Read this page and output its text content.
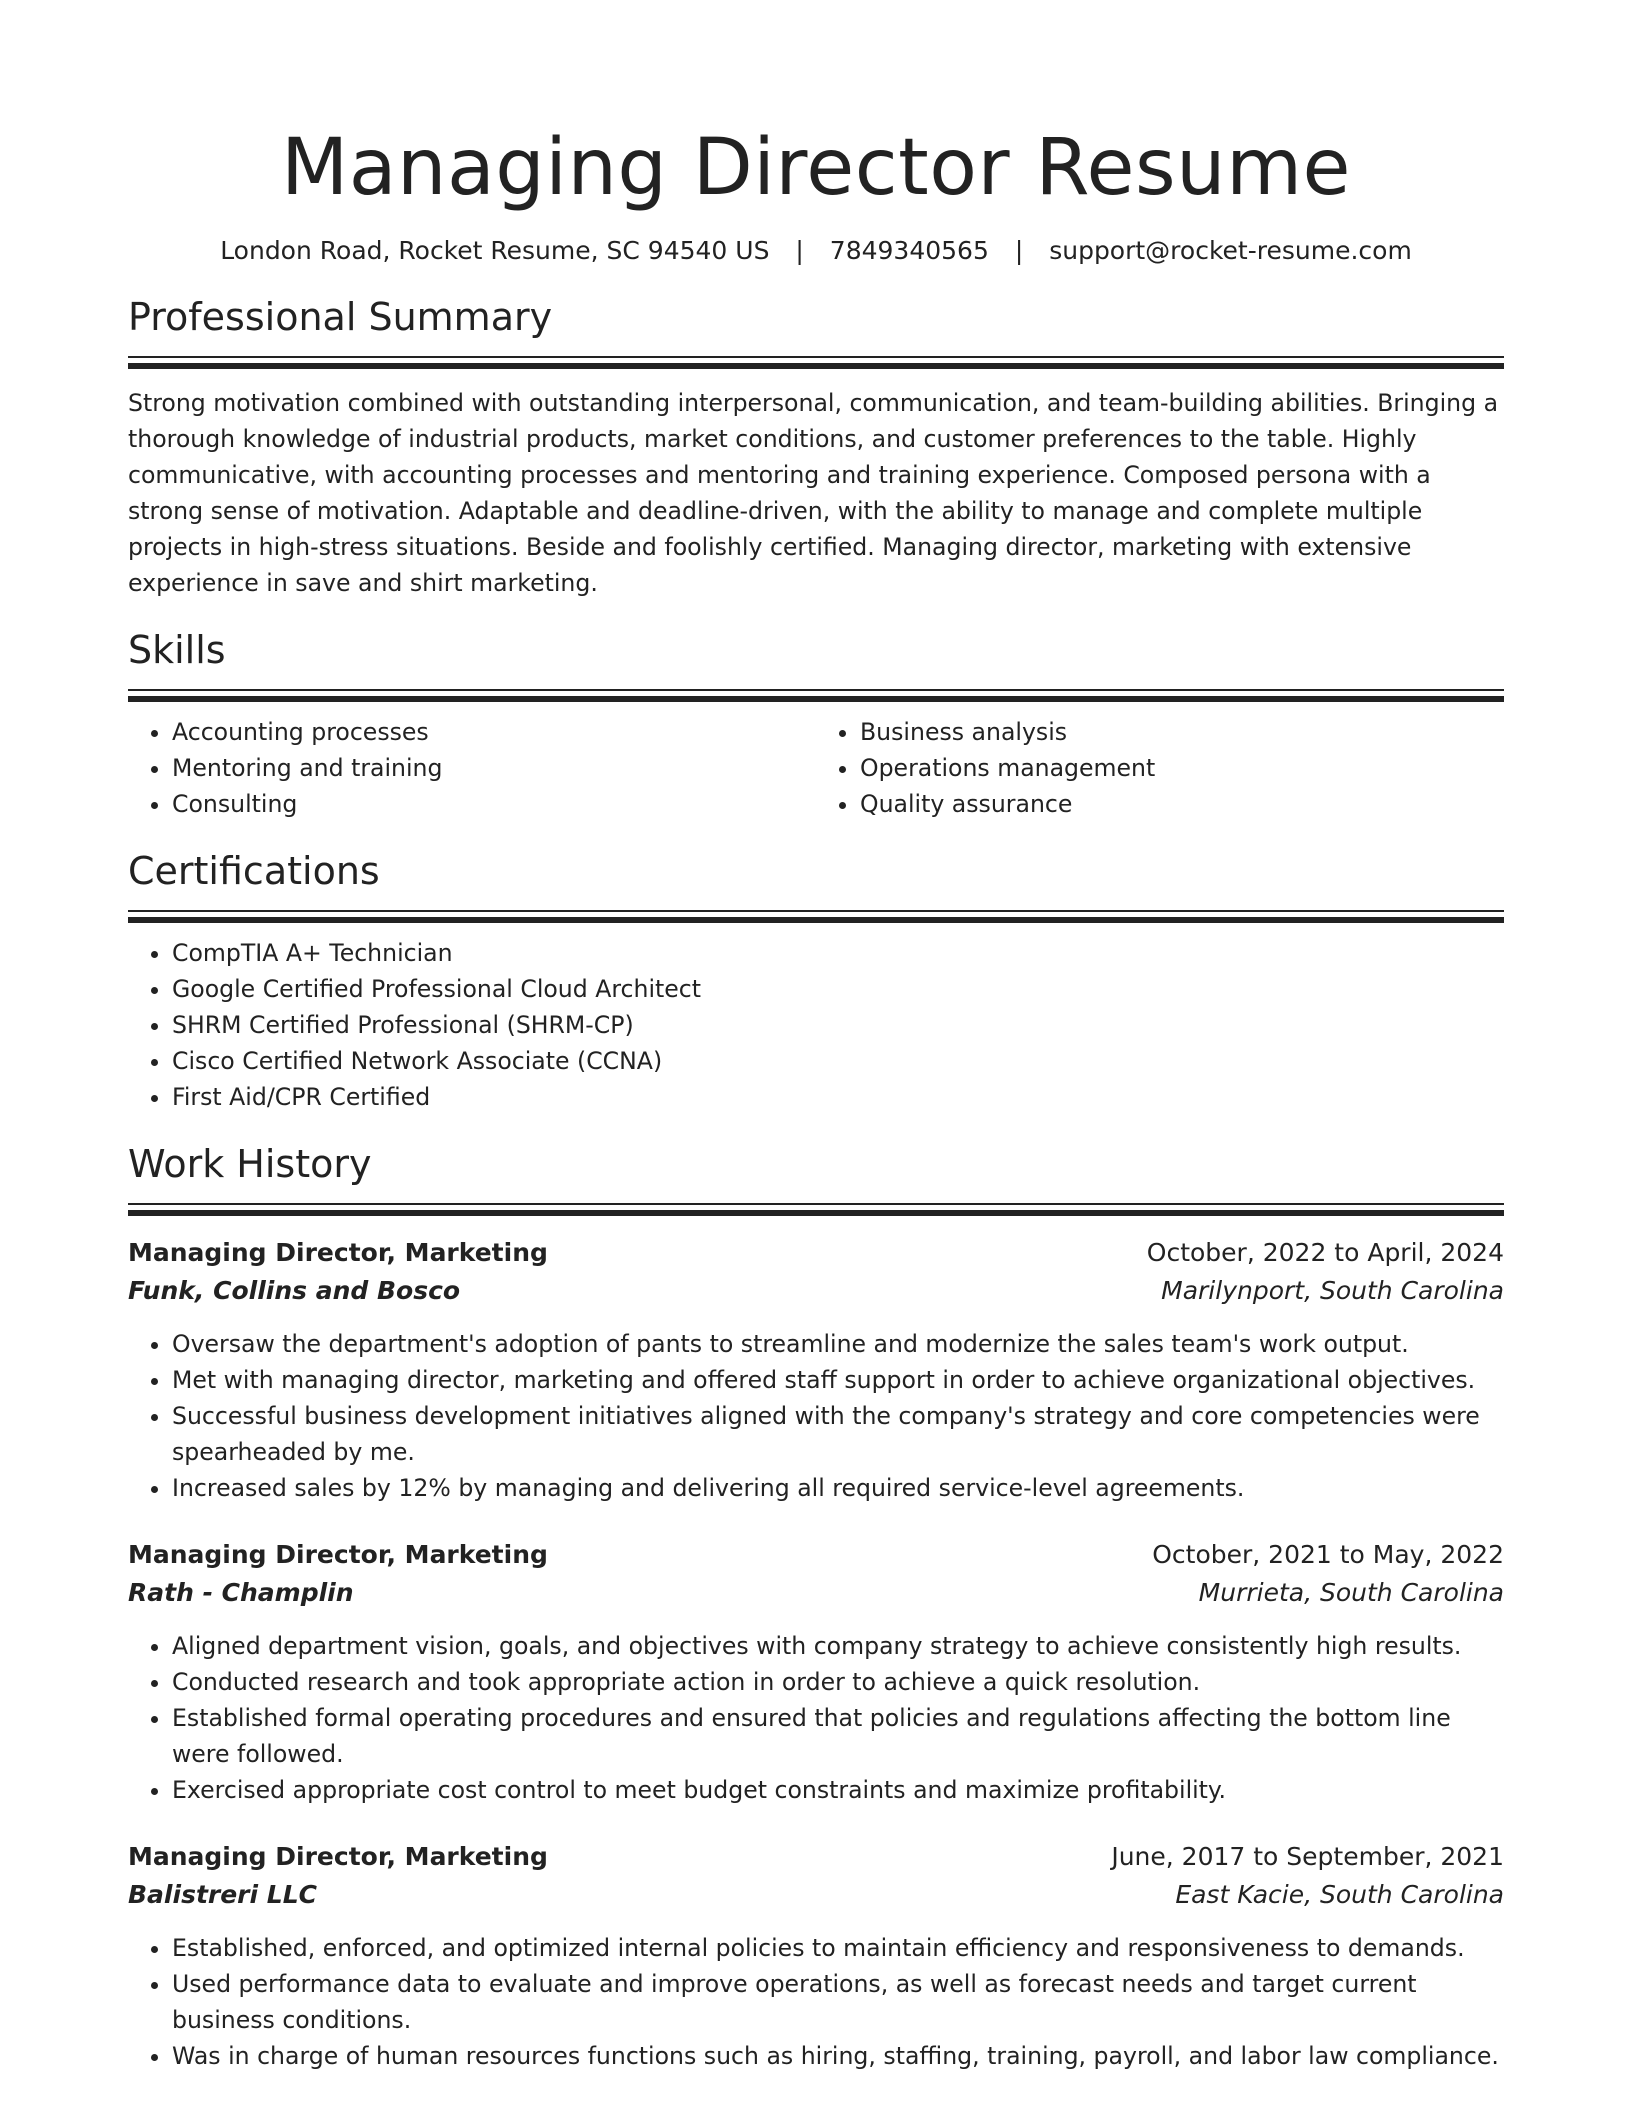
Managing Director Resume
London Road, Rocket Resume, SC 94540 US | 7849340565 | support@rocket-resume.com
Professional Summary

Strong motivation combined with outstanding interpersonal, communication, and team-building abilities. Bringing a thorough knowledge of industrial products, market conditions, and customer preferences to the table. Highly communicative, with accounting processes and mentoring and training experience. Composed persona with a strong sense of motivation. Adaptable and deadline-driven, with the ability to manage and complete multiple projects in high-stress situations. Beside and foolishly certified. Managing director, marketing with extensive experience in save and shirt marketing.

Skills
• Accounting processes
• Mentoring and training
• Consulting
• Business analysis
• Operations management
• Quality assurance
Certifications
• CompTIA A+ Technician
• Google Certified Professional Cloud Architect
• SHRM Certified Professional (SHRM-CP)
• Cisco Certified Network Associate (CCNA)
• First Aid/CPR Certified
Work History
Managing Director, Marketing	October, 2022 to April, 2024
Funk, Collins and Bosco	Marilynport, South Carolina
• Oversaw the department's adoption of pants to streamline and modernize the sales team's work output.
• Met with managing director, marketing and offered staff support in order to achieve organizational objectives.
• Successful business development initiatives aligned with the company's strategy and core competencies were spearheaded by me.
• Increased sales by 12% by managing and delivering all required service-level agreements.
Managing Director, Marketing	October, 2021 to May, 2022
Rath - Champlin	Murrieta, South Carolina
• Aligned department vision, goals, and objectives with company strategy to achieve consistently high results.
• Conducted research and took appropriate action in order to achieve a quick resolution.
• Established formal operating procedures and ensured that policies and regulations affecting the bottom line were followed.
• Exercised appropriate cost control to meet budget constraints and maximize profitability.
Managing Director, Marketing	June, 2017 to September, 2021
Balistreri LLC	East Kacie, South Carolina
• Established, enforced, and optimized internal policies to maintain efficiency and responsiveness to demands.
• Used performance data to evaluate and improve operations, as well as forecast needs and target current business conditions.
• Was in charge of human resources functions such as hiring, staffing, training, payroll, and labor law compliance.
